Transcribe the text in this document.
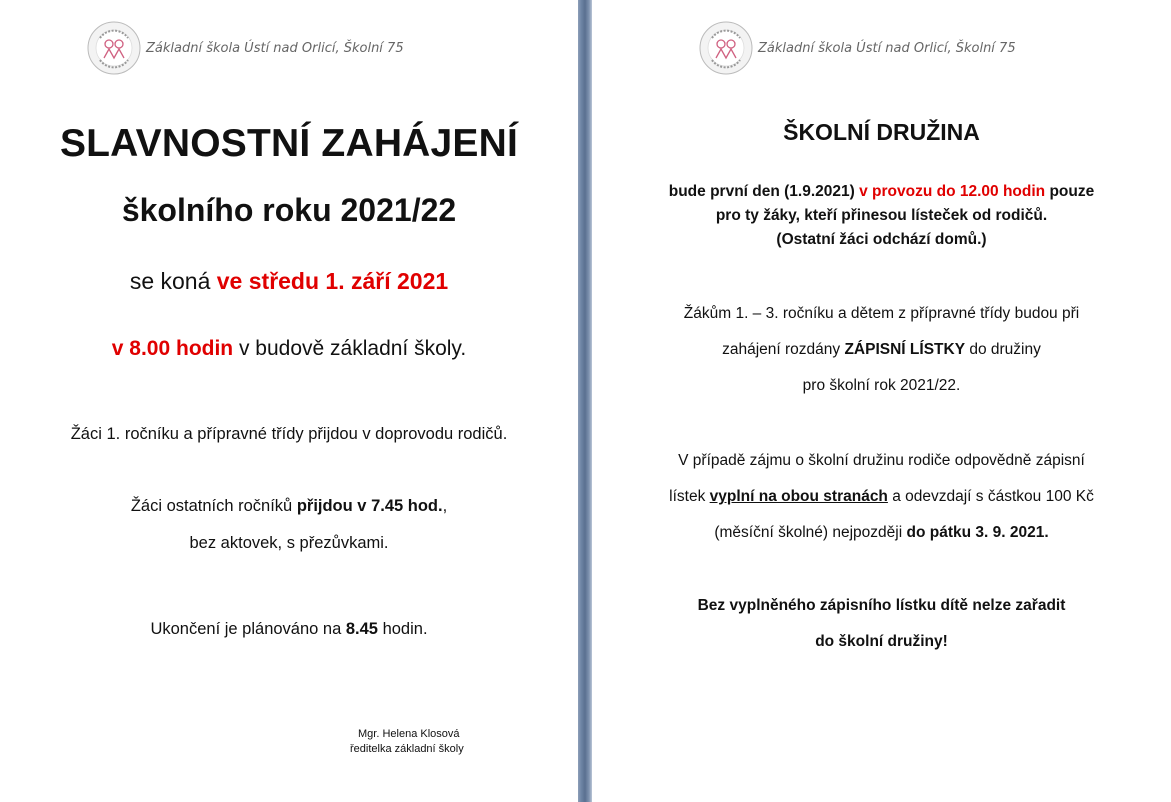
Základní škola Ústí nad Orlicí, Školní 75
SLAVNOSTNÍ ZAHÁJENÍ
školního roku 2021/22
se koná ve středu 1. září 2021
v 8.00 hodin v budově základní školy.
Žáci 1. ročníku a přípravné třídy přijdou v doprovodu rodičů.
Žáci ostatních ročníků přijdou v 7.45 hod.,
bez aktovek, s přezůvkami.
Ukončení je plánováno na 8.45 hodin.
Mgr. Helena Klosová
ředitelka základní školy
Základní škola Ústí nad Orlicí, Školní 75
ŠKOLNÍ DRUŽINA
bude první den (1.9.2021) v provozu do 12.00 hodin pouze
pro ty žáky, kteří přinesou lísteček od rodičů.
(Ostatní žáci odchází domů.)
Žákům 1. – 3. ročníku a dětem z přípravné třídy budou při
zahájení rozdány ZÁPISNÍ LÍSTKY do družiny
pro školní rok 2021/22.
V případě zájmu o školní družinu rodiče odpovědně zápisní
lístek vyplní na obou stranách a odevzdají s částkou 100 Kč
(měsíční školné) nejpozději do pátku 3. 9. 2021.
Bez vyplněného zápisního lístku dítě nelze zařadit
do školní družiny!
